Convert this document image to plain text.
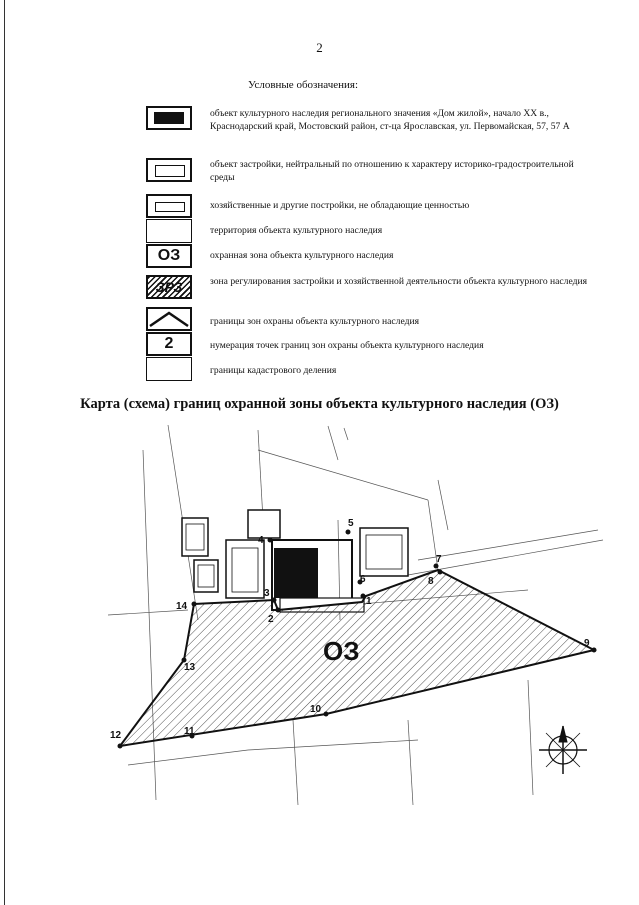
2
Условные обозначения:
объект культурного наследия регионального значения «Дом жилой», начало XX в., Краснодарский край, Мостовский район, ст-ца Ярославская, ул. Первомайская, 57, 57 А
объект застройки, нейтральный по отношению к характеру историко-градостроительной среды
хозяйственные и другие постройки, не обладающие ценностью
территория объекта культурного наследия
ОЗ	охранная зона объекта культурного наследия
ЗРЗ	зона регулирования застройки и хозяйственной деятельности объекта культурного наследия
границы зон охраны объекта культурного наследия
2	нумерация точек границ зон охраны объекта культурного наследия
границы кадастрового деления
Карта (схема) границ охранной зоны объекта культурного наследия (ОЗ)
ОЗ
1
2
3
4
5
6
7
8
9
10
11
12
13
14
